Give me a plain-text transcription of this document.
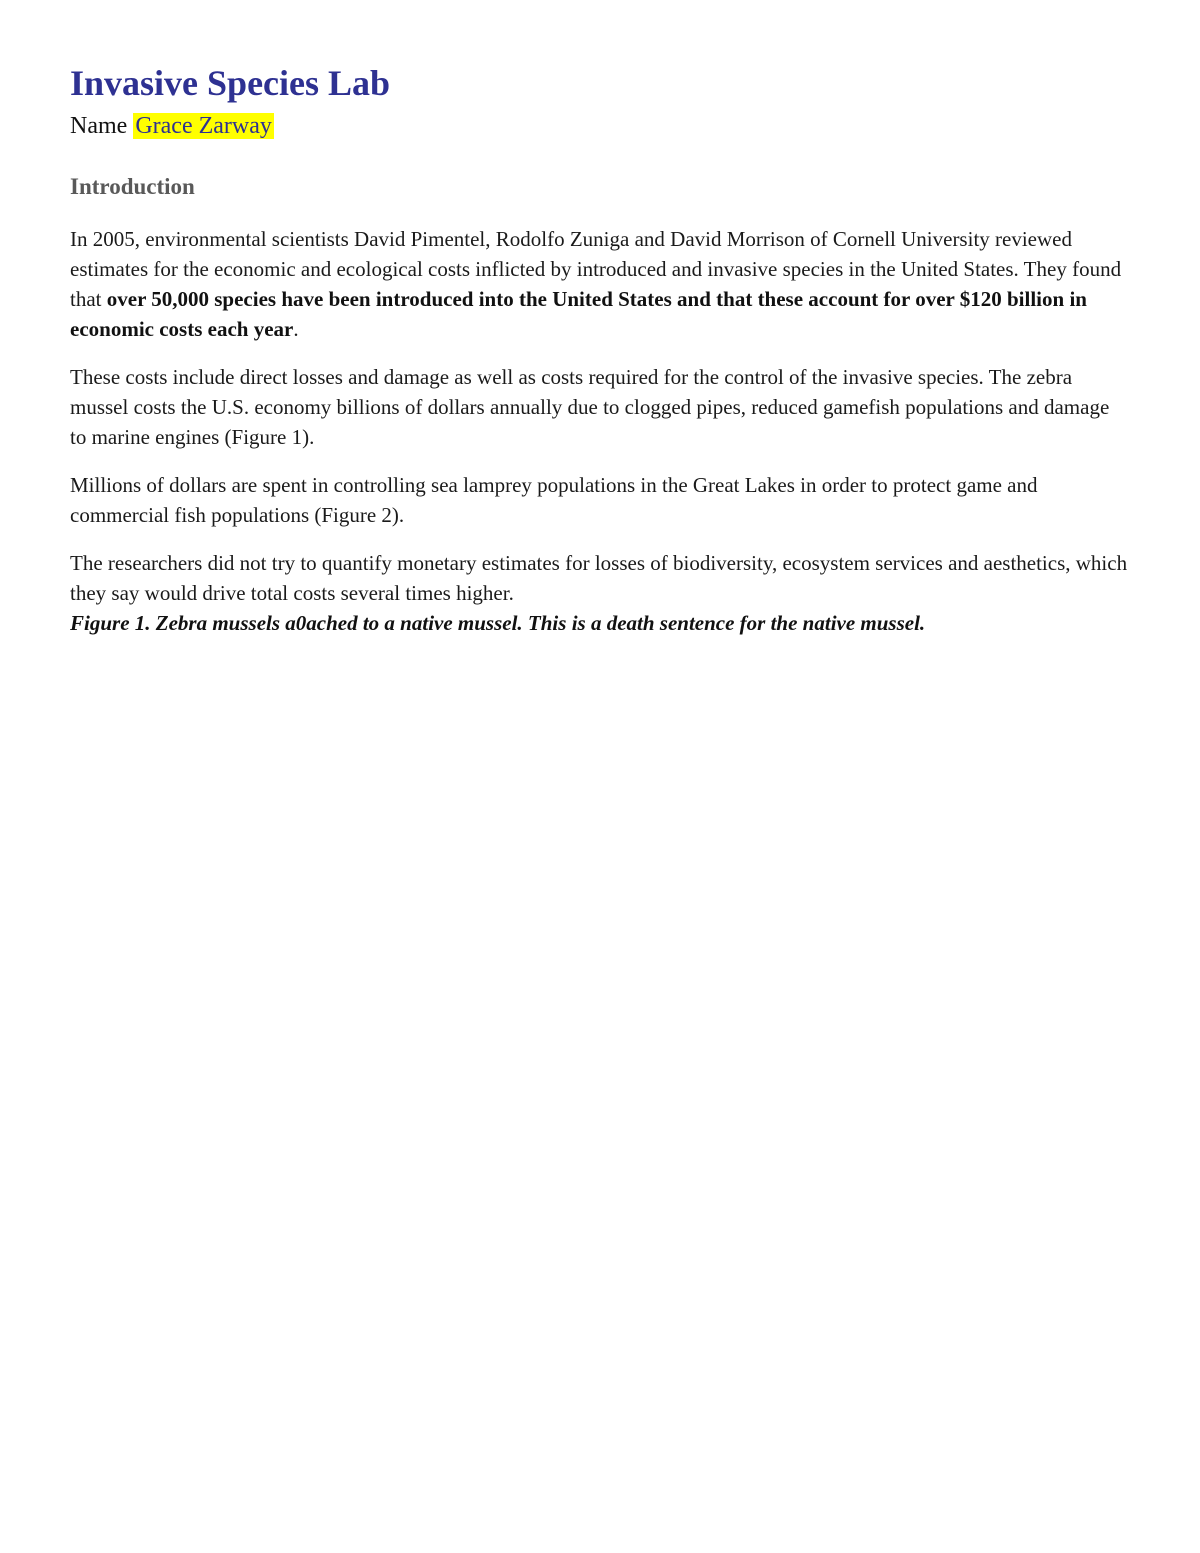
Invasive Species Lab
Name Grace Zarway
Introduction

In 2005, environmental scientists David Pimentel, Rodolfo Zuniga and David Morrison of Cornell University reviewed estimates for the economic and ecological costs inflicted by introduced and invasive species in the United States. They found that over 50,000 species have been introduced into the United States and that these account for over $120 billion in economic costs each year.

These costs include direct losses and damage as well as costs required for the control of the invasive species. The zebra mussel costs the U.S. economy billions of dollars annually due to clogged pipes, reduced gamefish populations and damage to marine engines (Figure 1).

Millions of dollars are spent in controlling sea lamprey populations in the Great Lakes in order to protect game and commercial fish populations (Figure 2).

The researchers did not try to quantify monetary estimates for losses of biodiversity, ecosystem services and aesthetics, which they say would drive total costs several times higher.

Figure 1. Zebra mussels a0ached to a native mussel. This is a death sentence for the native mussel.
